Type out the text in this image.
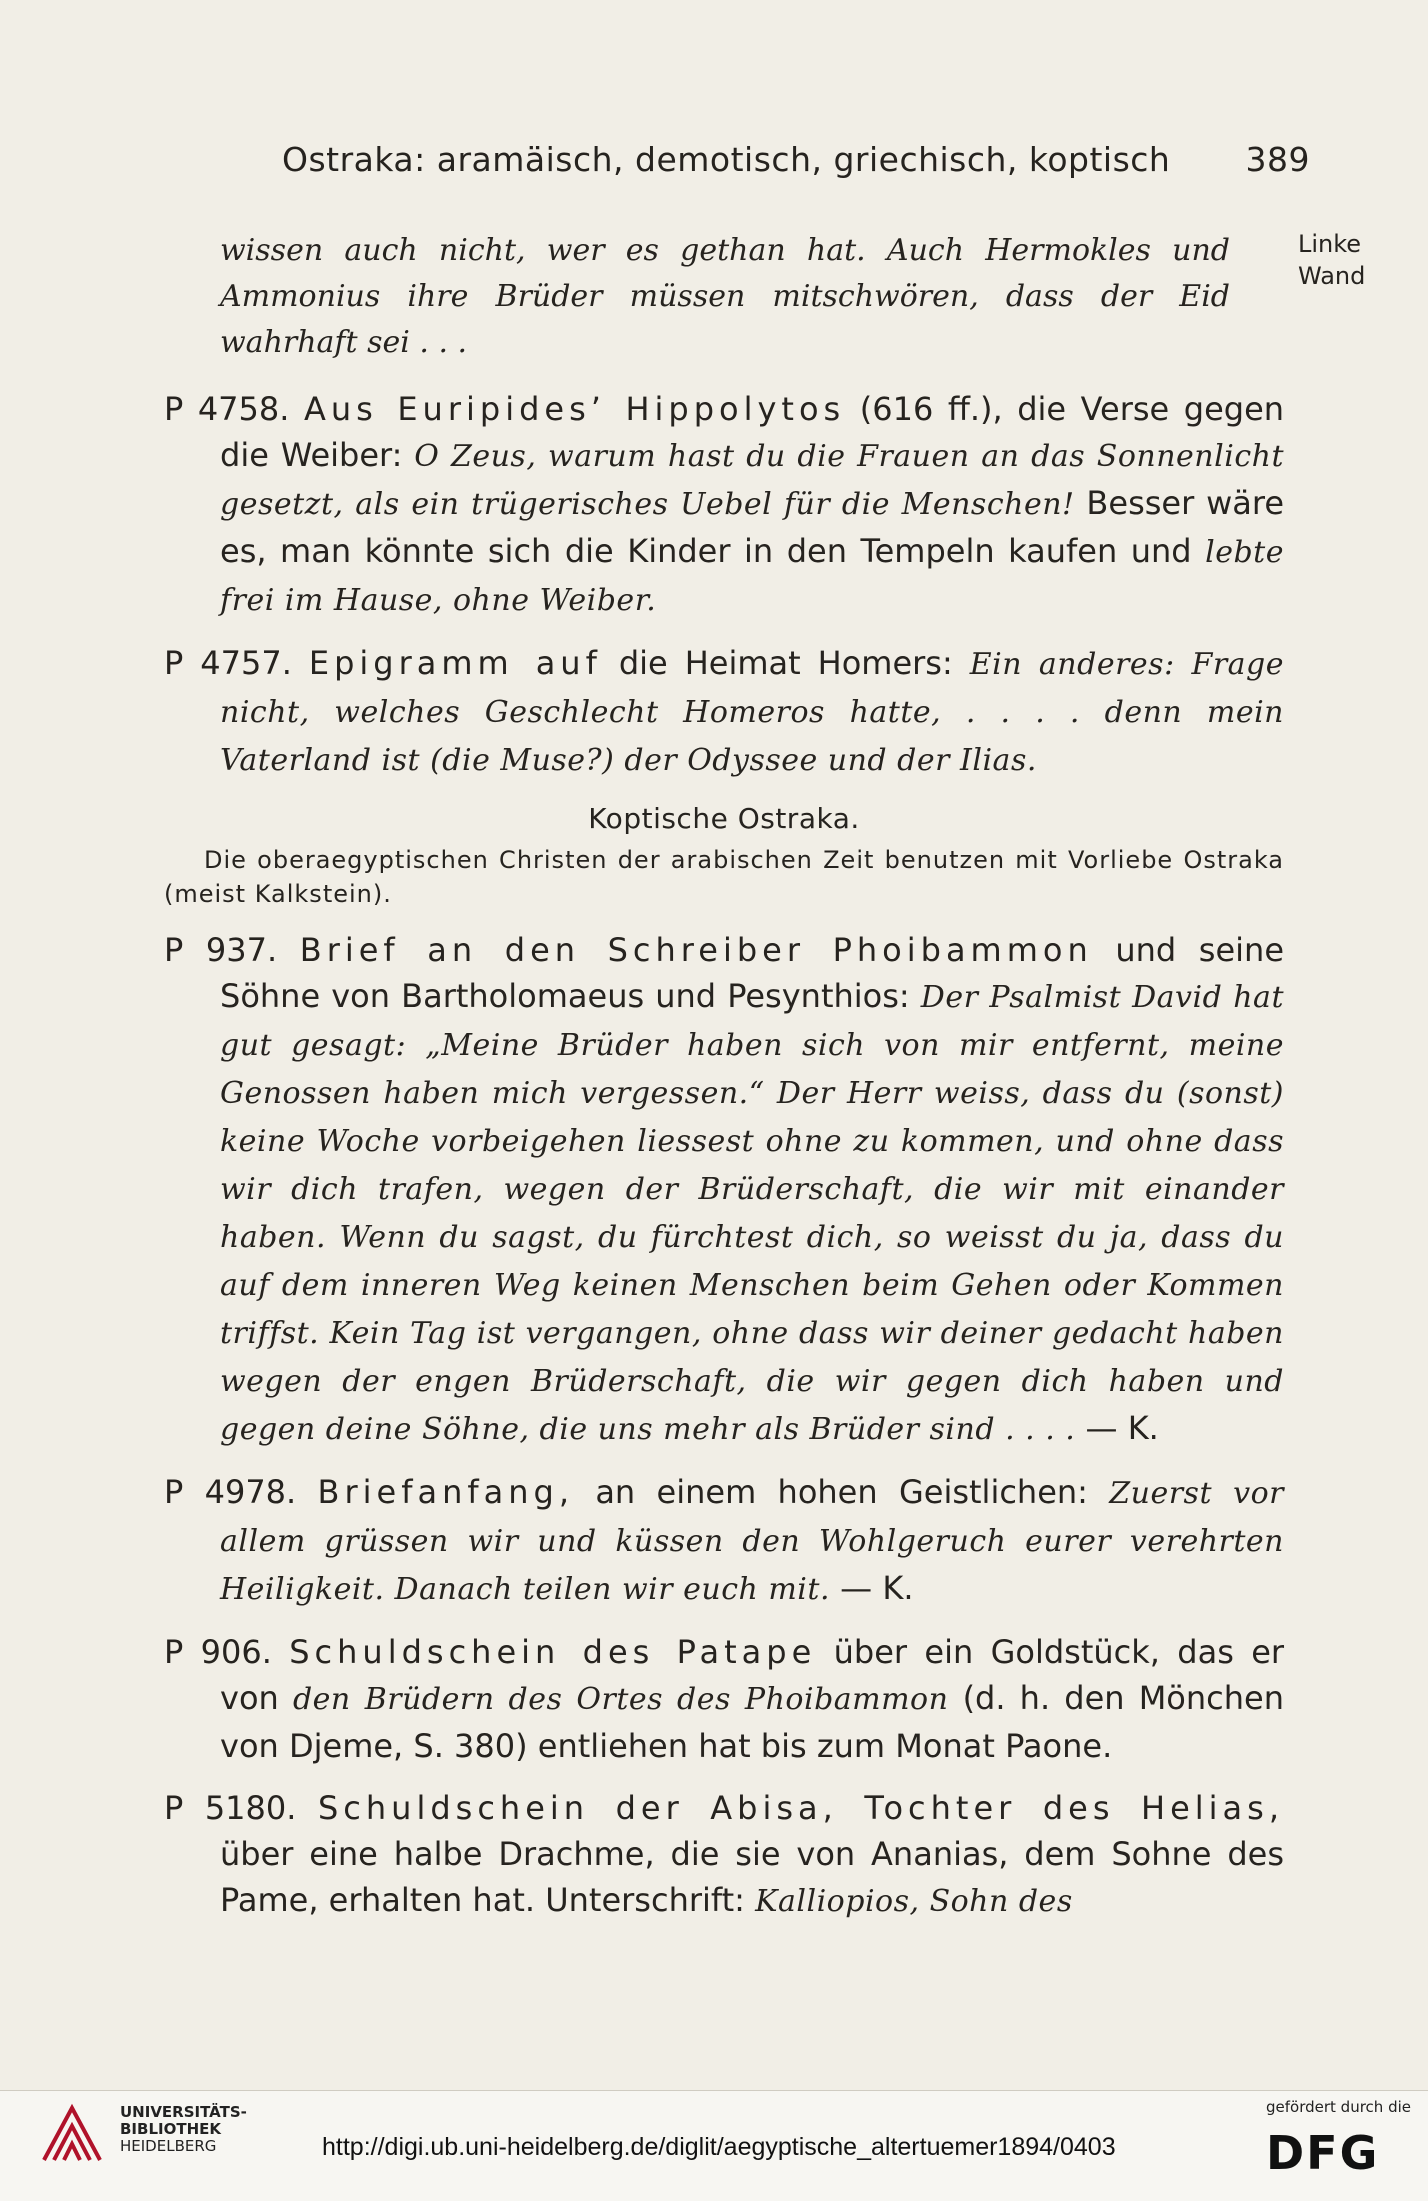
Ostraka: aramäisch, demotisch, griechisch, koptisch 389
Linke
Wand

wissen auch nicht, wer es gethan hat. Auch Hermokles und Ammonius ihre Brüder müssen mitschwören, dass der Eid wahrhaft sei . . .

P 4758. Aus Euripides’ Hippolytos (616 ff.), die Verse gegen die Weiber: O Zeus, warum hast du die Frauen an das Sonnenlicht gesetzt, als ein trügerisches Uebel für die Menschen! Besser wäre es, man könnte sich die Kinder in den Tempeln kaufen und lebte frei im Hause, ohne Weiber.

P 4757. Epigramm auf die Heimat Homers: Ein anderes: Frage nicht, welches Geschlecht Homeros hatte, . . . . denn mein Vaterland ist (die Muse?) der Odyssee und der Ilias.

Koptische Ostraka.

Die oberaegyptischen Christen der arabischen Zeit benutzen mit Vorliebe Ostraka (meist Kalkstein).

P 937. Brief an den Schreiber Phoibammon und seine Söhne von Bartholomaeus und Pesynthios: Der Psalmist David hat gut gesagt: „Meine Brüder haben sich von mir entfernt, meine Genossen haben mich vergessen.“ Der Herr weiss, dass du (sonst) keine Woche vorbeigehen liessest ohne zu kommen, und ohne dass wir dich trafen, wegen der Brüderschaft, die wir mit einander haben. Wenn du sagst, du fürchtest dich, so weisst du ja, dass du auf dem inneren Weg keinen Menschen beim Gehen oder Kommen triffst. Kein Tag ist vergangen, ohne dass wir deiner gedacht haben wegen der engen Brüderschaft, die wir gegen dich haben und gegen deine Söhne, die uns mehr als Brüder sind . . . . — K.

P 4978. Briefanfang, an einem hohen Geistlichen: Zuerst vor allem grüssen wir und küssen den Wohlgeruch eurer verehrten Heiligkeit. Danach teilen wir euch mit. — K.

P 906. Schuldschein des Patape über ein Goldstück, das er von den Brüdern des Ortes des Phoibammon (d. h. den Mönchen von Djeme, S. 380) entliehen hat bis zum Monat Paone.

P 5180. Schuldschein der Abisa, Tochter des Helias, über eine halbe Drachme, die sie von Ananias, dem Sohne des Pame, erhalten hat. Unterschrift: Kalliopios, Sohn des

UNIVERSITÄTS-
BIBLIOTHEK
HEIDELBERG	http://digi.ub.uni-heidelberg.de/diglit/aegyptische_altertuemer1894/0403
gefördert durch die
DFG
